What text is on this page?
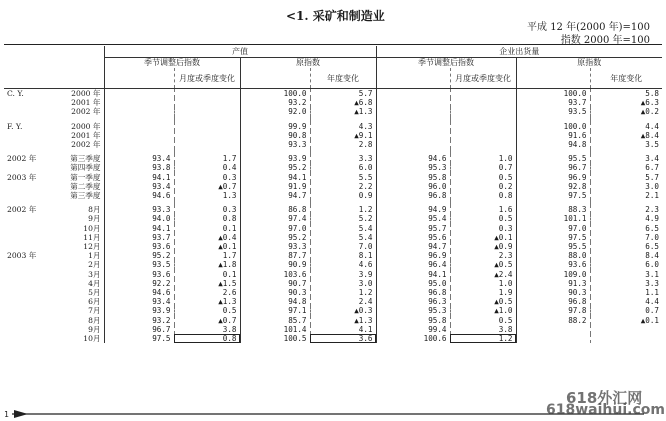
<1. 采矿和制造业
平成 12 年(2000 年)=100
指数 2000 年=100
		产值				企业出货量			
		季节调整后指数		原指数		季节调整后指数		原指数	
			月度或季度变化		年度变化		月度或季度变化		年度变化
C. Y.	2000 年			100.0	5.7			100.0	5.8
	2001 年			93.2	▲6.8			93.7	▲6.3
	2002 年			92.0	▲1.3			93.5	▲0.2

F. Y.	2000 年			99.9	4.3			100.0	4.4
	2001 年			90.8	▲9.1			91.6	▲8.4
	2002 年			93.3	2.8			94.8	3.5

2002 年	第三季度	93.4	1.7	93.9	3.3	94.6	1.0	95.5	3.4
	第四季度	93.8	0.4	95.2	6.0	95.3	0.7	96.7	6.7
2003 年	第一季度	94.1	0.3	94.1	5.5	95.8	0.5	96.9	5.7
	第二季度	93.4	▲0.7	91.9	2.2	96.0	0.2	92.8	3.0
	第三季度	94.6	1.3	94.7	0.9	96.8	0.8	97.5	2.1

2002 年	8月	93.3	0.3	86.8	1.2	94.9	1.6	88.3	2.3
	9月	94.0	0.8	97.4	5.2	95.4	0.5	101.1	4.9
	10月	94.1	0.1	97.0	5.4	95.7	0.3	97.0	6.5
	11月	93.7	▲0.4	95.2	5.4	95.6	▲0.1	97.5	7.0
	12月	93.6	▲0.1	93.3	7.0	94.7	▲0.9	95.5	6.5
2003 年	1月	95.2	1.7	87.7	8.1	96.9	2.3	88.0	8.4
	2月	93.5	▲1.8	90.9	4.6	96.4	▲0.5	93.6	6.0
	3月	93.6	0.1	103.6	3.9	94.1	▲2.4	109.0	3.1
	4月	92.2	▲1.5	90.7	3.0	95.0	1.0	91.3	3.3
	5月	94.6	2.6	90.3	1.2	96.8	1.9	90.3	1.1
	6月	93.4	▲1.3	94.8	2.4	96.3	▲0.5	96.8	4.4
	7月	93.9	0.5	97.1	▲0.3	95.3	▲1.0	97.8	0.7
	8月	93.2	▲0.7	85.7	▲1.3	95.8	0.5	88.2	▲0.1
	9月	96.7	3.8	101.4	4.1	99.4	3.8		
	10月	97.5	0.8	100.5	3.6	100.6	1.2		
1
618外汇网
618waihui.com
